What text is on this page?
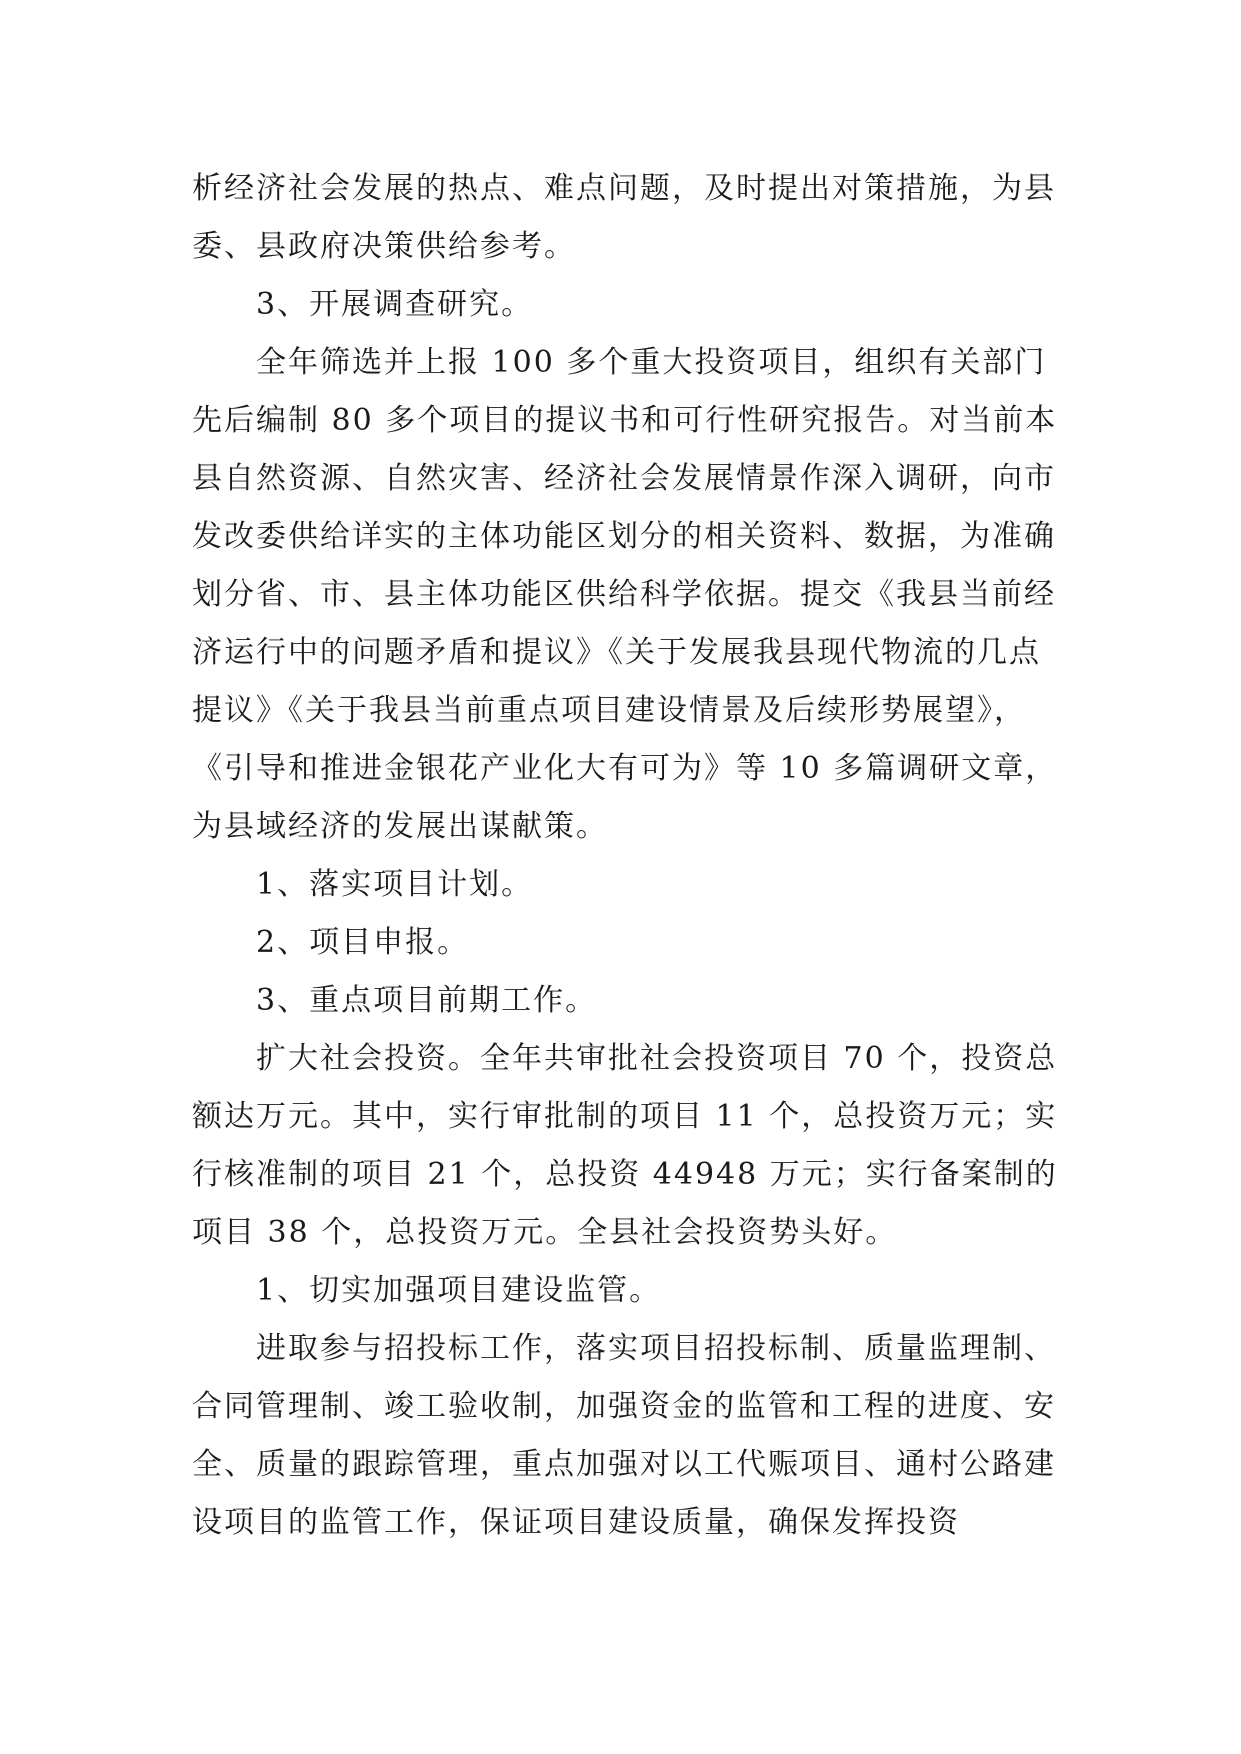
析经济社会发展的热点、难点问题，及时提出对策措施，为县委、县政府决策供给参考。

3、开展调查研究。

全年筛选并上报 100 多个重大投资项目，组织有关部门先后编制 80 多个项目的提议书和可行性研究报告。对当前本县自然资源、自然灾害、经济社会发展情景作深入调研，向市发改委供给详实的主体功能区划分的相关资料、数据，为准确划分省、市、县主体功能区供给科学依据。提交《我县当前经济运行中的问题矛盾和提议》《关于发展我县现代物流的几点提议》《关于我县当前重点项目建设情景及后续形势展望》，《引导和推进金银花产业化大有可为》等 10 多篇调研文章，为县域经济的发展出谋献策。

1、落实项目计划。

2、项目申报。

3、重点项目前期工作。

扩大社会投资。全年共审批社会投资项目 70 个，投资总额达万元。其中，实行审批制的项目 11 个，总投资万元；实行核准制的项目 21 个，总投资 44948 万元；实行备案制的项目 38 个，总投资万元。全县社会投资势头好。

1、切实加强项目建设监管。

进取参与招投标工作，落实项目招投标制、质量监理制、合同管理制、竣工验收制，加强资金的监管和工程的进度、安全、质量的跟踪管理，重点加强对以工代赈项目、通村公路建设项目的监管工作，保证项目建设质量，确保发挥投资
